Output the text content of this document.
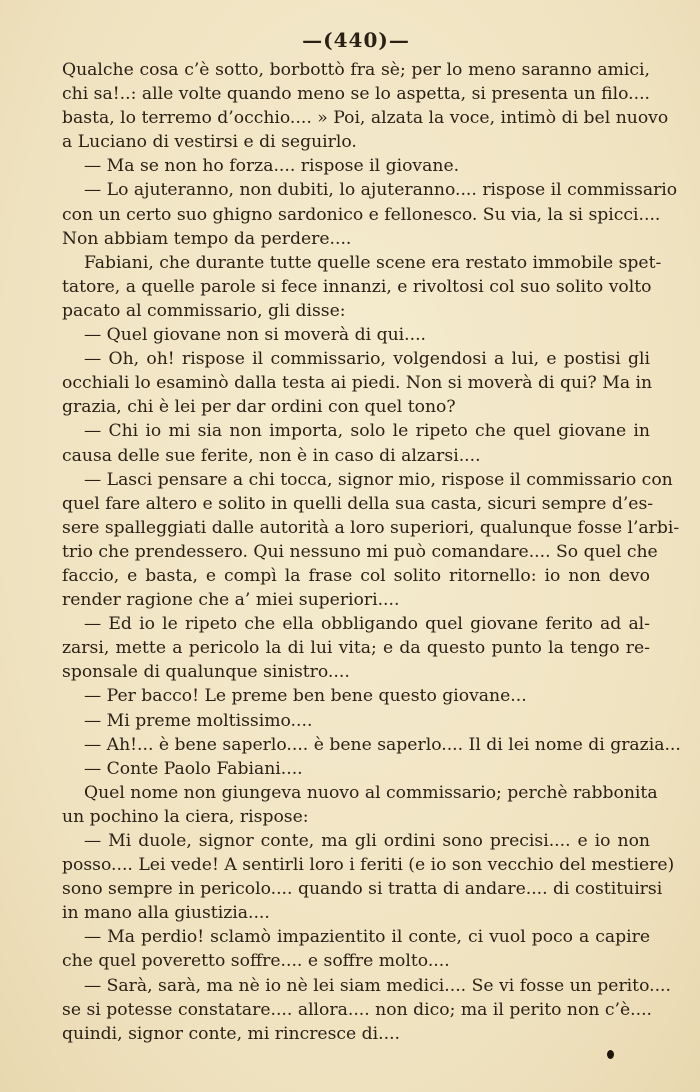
—(440)—
Qualche cosa c’è sotto, borbottò fra sè; per lo meno saranno amici,
chi sa!..: alle volte quando meno se lo aspetta, si presenta un filo....
basta, lo terremo d’occhio.... » Poi, alzata la voce, intimò di bel nuovo
a Luciano di vestirsi e di seguirlo.
— Ma se non ho forza.... rispose il giovane.
— Lo ajuteranno, non dubiti, lo ajuteranno.... rispose il commissario
con un certo suo ghigno sardonico e fellonesco. Su via, la si spicci....
Non abbiam tempo da perdere....
Fabiani, che durante tutte quelle scene era restato immobile spet-
tatore, a quelle parole si fece innanzi, e rivoltosi col suo solito volto
pacato al commissario, gli disse:
— Quel giovane non si moverà di qui....
— Oh, oh! rispose il commissario, volgendosi a lui, e postisi gli
occhiali lo esaminò dalla testa ai piedi. Non si moverà di qui? Ma in
grazia, chi è lei per dar ordini con quel tono?
— Chi io mi sia non importa, solo le ripeto che quel giovane in
causa delle sue ferite, non è in caso di alzarsi....
— Lasci pensare a chi tocca, signor mio, rispose il commissario con
quel fare altero e solito in quelli della sua casta, sicuri sempre d’es-
sere spalleggiati dalle autorità a loro superiori, qualunque fosse l’arbi-
trio che prendessero. Qui nessuno mi può comandare.... So quel che
faccio, e basta, e compì la frase col solito ritornello: io non devo
render ragione che a’ miei superiori....
— Ed io le ripeto che ella obbligando quel giovane ferito ad al-
zarsi, mette a pericolo la di lui vita; e da questo punto la tengo re-
sponsale di qualunque sinistro....
— Per bacco! Le preme ben bene questo giovane...
— Mi preme moltissimo....
— Ah!... è bene saperlo.... è bene saperlo.... Il di lei nome di grazia...
— Conte Paolo Fabiani....
Quel nome non giungeva nuovo al commissario; perchè rabbonita
un pochino la ciera, rispose:
— Mi duole, signor conte, ma gli ordini sono precisi.... e io non
posso.... Lei vede! A sentirli loro i feriti (e io son vecchio del mestiere)
sono sempre in pericolo.... quando si tratta di andare.... di costituirsi
in mano alla giustizia....
— Ma perdio! sclamò impazientito il conte, ci vuol poco a capire
che quel poveretto soffre.... e soffre molto....
— Sarà, sarà, ma nè io nè lei siam medici.... Se vi fosse un perito....
se si potesse constatare.... allora.... non dico; ma il perito non c’è....
quindi, signor conte, mi rincresce di....
